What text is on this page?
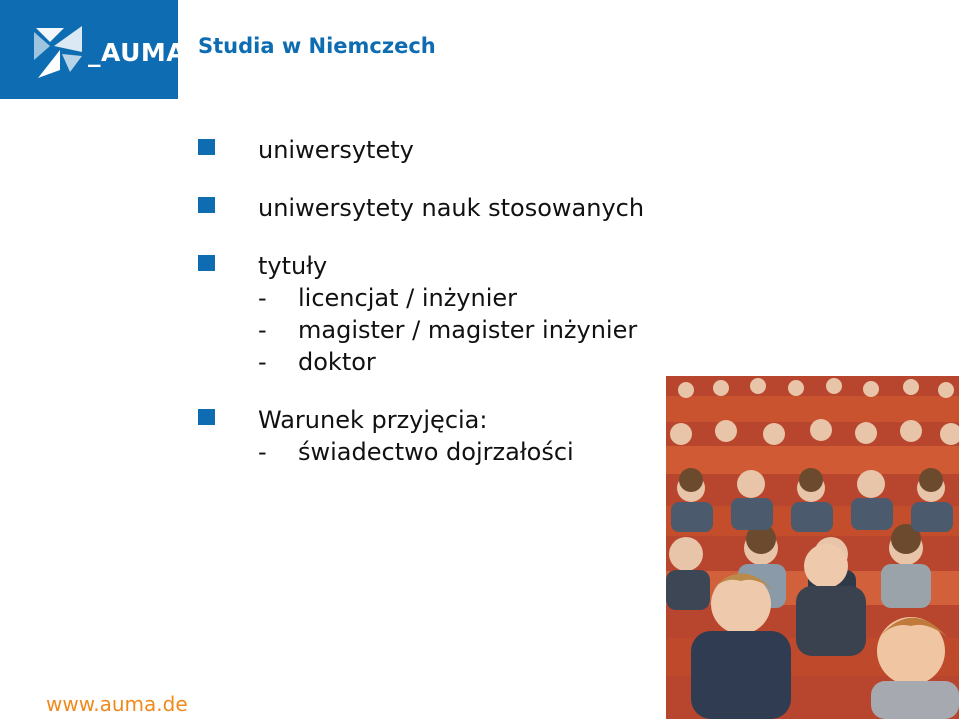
_AUMA Studia w Niemczech
uniwersytety
uniwersytety nauk stosowanych
tytuły
- licencjat / inżynier
- magister / magister inżynier
- doktor
Warunek przyjęcia:
- świadectwo dojrzałości
www.auma.de
